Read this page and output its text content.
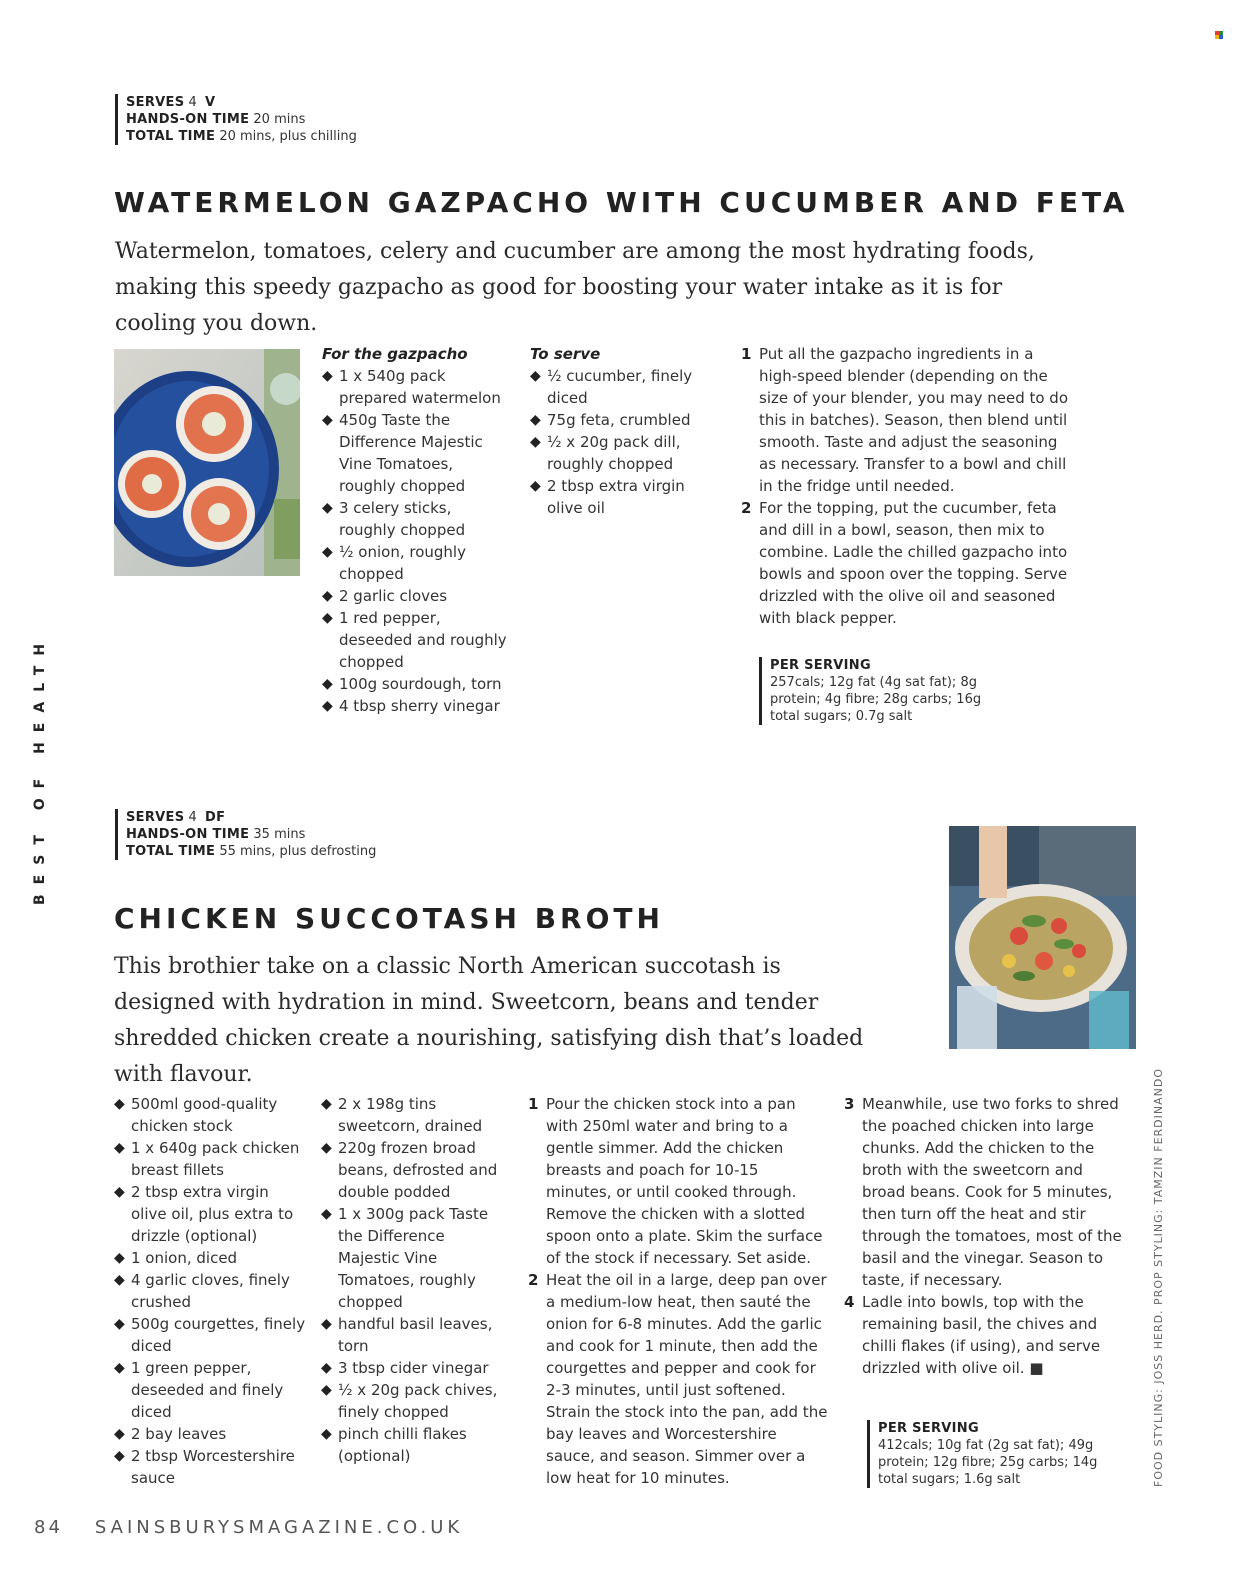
SERVES 4 V
HANDS-ON TIME 20 mins
TOTAL TIME 20 mins, plus chilling
WATERMELON GAZPACHO WITH CUCUMBER AND FETA
Watermelon, tomatoes, celery and cucumber are among the most hydrating foods, making this speedy gazpacho as good for boosting your water intake as it is for cooling you down.
For the gazpacho
◆ 1 x 540g pack prepared watermelon
◆ 450g Taste the Difference Majestic Vine Tomatoes, roughly chopped
◆ 3 celery sticks, roughly chopped
◆ ½ onion, roughly chopped
◆ 2 garlic cloves
◆ 1 red pepper, deseeded and roughly chopped
◆ 100g sourdough, torn
◆ 4 tbsp sherry vinegar
To serve
◆ ½ cucumber, finely diced
◆ 75g feta, crumbled
◆ ½ x 20g pack dill, roughly chopped
◆ 2 tbsp extra virgin olive oil
1 Put all the gazpacho ingredients in a high-speed blender (depending on the size of your blender, you may need to do this in batches). Season, then blend until smooth. Taste and adjust the seasoning as necessary. Transfer to a bowl and chill in the fridge until needed.
2 For the topping, put the cucumber, feta and dill in a bowl, season, then mix to combine. Ladle the chilled gazpacho into bowls and spoon over the topping. Serve drizzled with the olive oil and seasoned with black pepper.
PER SERVING
257cals; 12g fat (4g sat fat); 8g protein; 4g fibre; 28g carbs; 16g total sugars; 0.7g salt
SERVES 4 DF
HANDS-ON TIME 35 mins
TOTAL TIME 55 mins, plus defrosting
CHICKEN SUCCOTASH BROTH
This brothier take on a classic North American succotash is designed with hydration in mind. Sweetcorn, beans and tender shredded chicken create a nourishing, satisfying dish that’s loaded with flavour.
◆ 500ml good-quality chicken stock
◆ 1 x 640g pack chicken breast fillets
◆ 2 tbsp extra virgin olive oil, plus extra to drizzle (optional)
◆ 1 onion, diced
◆ 4 garlic cloves, finely crushed
◆ 500g courgettes, finely diced
◆ 1 green pepper, deseeded and finely diced
◆ 2 bay leaves
◆ 2 tbsp Worcestershire sauce
◆ 2 x 198g tins sweetcorn, drained
◆ 220g frozen broad beans, defrosted and double podded
◆ 1 x 300g pack Taste the Difference Majestic Vine Tomatoes, roughly chopped
◆ handful basil leaves, torn
◆ 3 tbsp cider vinegar
◆ ½ x 20g pack chives, finely chopped
◆ pinch chilli flakes (optional)
1 Pour the chicken stock into a pan with 250ml water and bring to a gentle simmer. Add the chicken breasts and poach for 10-15 minutes, or until cooked through. Remove the chicken with a slotted spoon onto a plate. Skim the surface of the stock if necessary. Set aside.
2 Heat the oil in a large, deep pan over a medium-low heat, then sauté the onion for 6-8 minutes. Add the garlic and cook for 1 minute, then add the courgettes and pepper and cook for 2-3 minutes, until just softened. Strain the stock into the pan, add the bay leaves and Worcestershire sauce, and season. Simmer over a low heat for 10 minutes.
3 Meanwhile, use two forks to shred the poached chicken into large chunks. Add the chicken to the broth with the sweetcorn and broad beans. Cook for 5 minutes, then turn off the heat and stir through the tomatoes, most of the basil and the vinegar. Season to taste, if necessary.
4 Ladle into bowls, top with the remaining basil, the chives and chilli flakes (if using), and serve drizzled with olive oil. ■
PER SERVING
412cals; 10g fat (2g sat fat); 49g protein; 12g fibre; 25g carbs; 14g total sugars; 1.6g salt
BEST OF HEALTH
FOOD STYLING: JOSS HERD. PROP STYLING: TAMZIN FERDINANDO
84 SAINSBURYSMAGAZINE.CO.UK
